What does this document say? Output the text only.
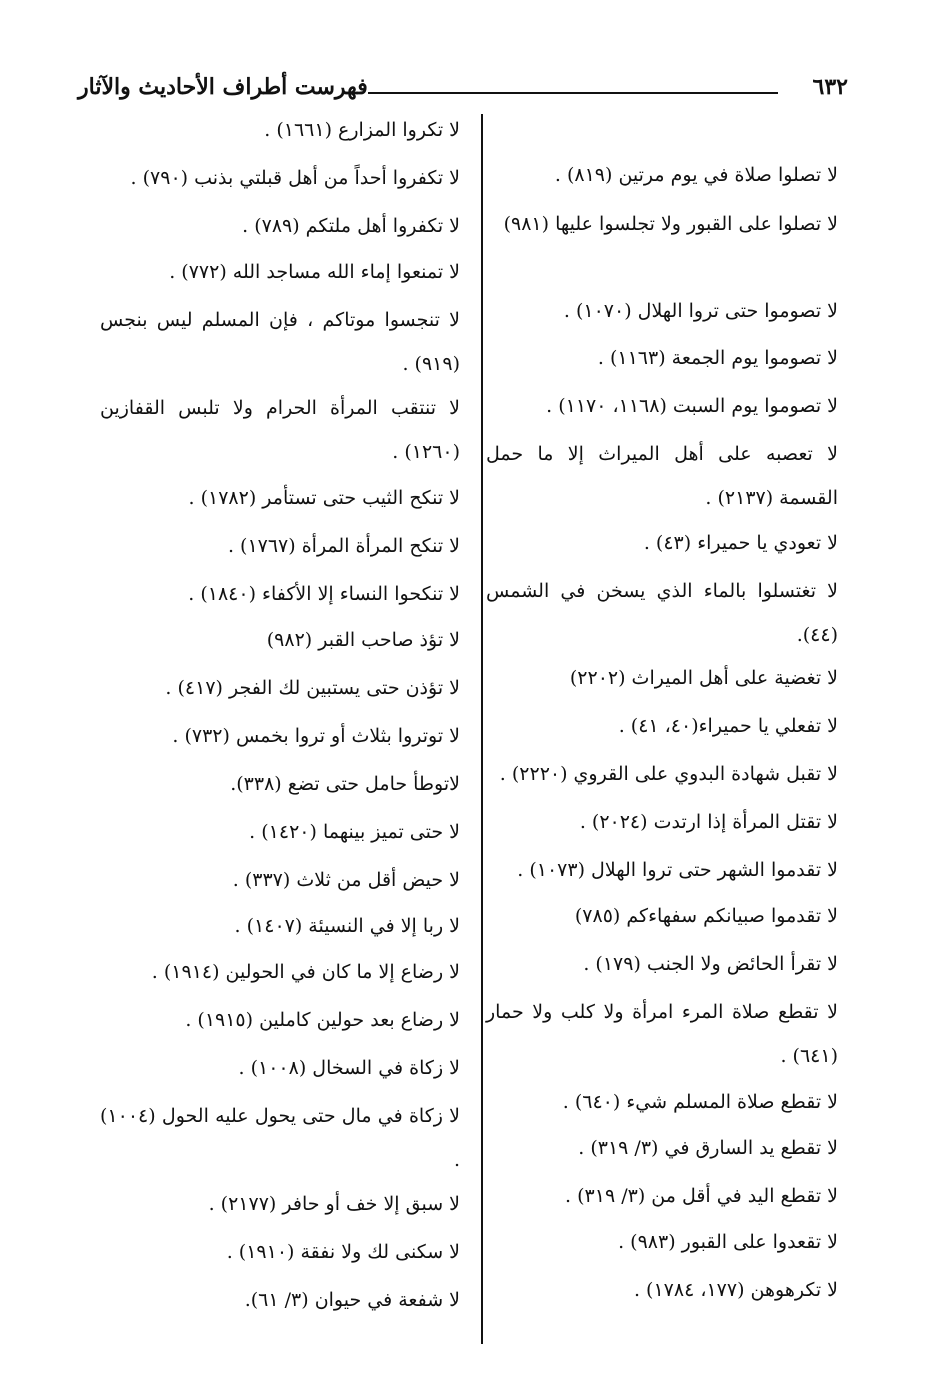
٦٣٢
فهرست أطراف الأحاديث والآثار
لا تصلوا صلاة في يوم مرتين (٨١٩) .
لا تصلوا على القبور ولا تجلسوا عليها (٩٨١)
لا تصوموا حتى تروا الهلال (١٠٧٠) .
لا تصوموا يوم الجمعة (١١٦٣) .
لا تصوموا يوم السبت (١١٦٨، ١١٧٠) .
لا تعصبه على أهل الميراث إلا ما حمل القسمة (٢١٣٧) .
لا تعودي يا حميراء (٤٣) .
لا تغتسلوا بالماء الذي يسخن في الشمس (٤٤).
لا تغضية على أهل الميراث (٢٢٠٢)
لا تفعلي يا حميراء(٤٠، ٤١) .
لا تقبل شهادة البدوي على القروي (٢٢٢٠) .
لا تقتل المرأة إذا ارتدت (٢٠٢٤) .
لا تقدموا الشهر حتى تروا الهلال (١٠٧٣) .
لا تقدموا صبيانكم سفهاءكم (٧٨٥)
لا تقرأ الحائض ولا الجنب (١٧٩) .
لا تقطع صلاة المرء امرأة ولا كلب ولا حمار (٦٤١) .
لا تقطع صلاة المسلم شيء (٦٤٠) .
لا تقطع يد السارق في (٣/ ٣١٩) .
لا تقطع اليد في أقل من (٣/ ٣١٩) .
لا تقعدوا على القبور (٩٨٣) .
لا تكرهوهن (١٧٧، ١٧٨٤) .
لا تكروا المزارع (١٦٦١) .
لا تكفروا أحداً من أهل قبلتي بذنب (٧٩٠) .
لا تكفروا أهل ملتكم (٧٨٩) .
لا تمنعوا إماء الله مساجد الله (٧٧٢) .
لا تنجسوا موتاكم ، فإن المسلم ليس بنجس (٩١٩) .
لا تنتقب المرأة الحرام ولا تلبس القفازين (١٢٦٠) .
لا تنكح الثيب حتى تستأمر (١٧٨٢) .
لا تنكح المرأة المرأة (١٧٦٧) .
لا تنكحوا النساء إلا الأكفاء (١٨٤٠) .
لا تؤذ صاحب القبر (٩٨٢)
لا تؤذن حتى يستبين لك الفجر (٤١٧) .
لا توتروا بثلاث أو تروا بخمس (٧٣٢) .
لاتوطأ حامل حتى تضع (٣٣٨).
لا حتى تميز بينهما (١٤٢٠) .
لا حيض أقل من ثلاث (٣٣٧) .
لا ربا إلا في النسيئة (١٤٠٧) .
لا رضاع إلا ما كان في الحولين (١٩١٤) .
لا رضاع بعد حولين كاملين (١٩١٥) .
لا زكاة في السخال (١٠٠٨) .
لا زكاة في مال حتى يحول عليه الحول (١٠٠٤) .
لا سبق إلا خف أو حافر (٢١٧٧) .
لا سكنى لك ولا نفقة (١٩١٠) .
لا شفعة في حيوان (٣/ ٦١).
